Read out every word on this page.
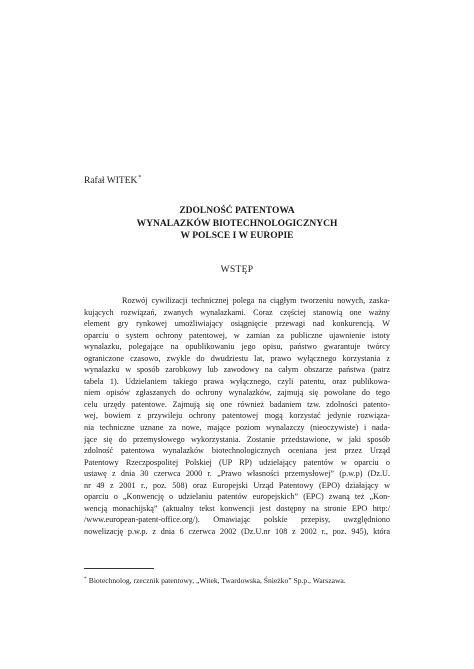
Rafał WITEK*
ZDOLNOŚĆ PATENTOWA
WYNALAZKÓW BIOTECHNOLOGICZNYCH
W POLSCE I W EUROPIE
WSTĘP
Rozwój cywilizacji technicznej polega na ciągłym tworzeniu nowych, zaska-
kujących rozwiązań, zwanych wynalazkami. Coraz częściej stanowią one ważny
element gry rynkowej umożliwiający osiągnięcie przewagi nad konkurencją. W
oparciu o system ochrony patentowej, w zamian za publiczne ujawnienie istoty
wynalazku, polegające na opublikowaniu jego opisu, państwo gwarantuje twórcy
ograniczone czasowo, zwykle do dwudziestu lat, prawo wyłącznego korzystania z
wynalazku w sposób zarobkowy lub zawodowy na całym obszarze państwa (patrz
tabela 1). Udzielaniem takiego prawa wyłącznego, czyli patentu, oraz publikowa-
niem opisów zgłaszanych do ochrony wynalazków, zajmują się powołane do tego
celu urzędy patentowe. Zajmują się one również badaniem tzw. zdolności patento-
wej, bowiem z przywileju ochrony patentowej mogą korzystać jedynie rozwiąza-
nia techniczne uznane za nowe, mające poziom wynalazczy (nieoczywiste) i nada-
jące się do przemysłowego wykorzystania. Zostanie przedstawione, w jaki sposób
zdolność patentowa wynalazków biotechnologicznych oceniana jest przez Urząd
Patentowy Rzeczpospolitej Polskiej (UP RP) udzielający patentów w oparciu o
ustawę z dnia 30 czerwca 2000 r. „Prawo własności przemysłowej” (p.w.p) (Dz.U.
nr 49 z 2001 r., poz. 508) oraz Europejski Urząd Patentowy (EPO) działający w
oparciu o „Konwencję o udzielaniu patentów europejskich” (EPC) zwaną też „Kon-
wencją monachijską” (aktualny tekst konwencji jest dostępny na stronie EPO http:/
/www.european-patent-office.org/). Omawiając polskie przepisy, uwzględniono
nowelizację p.w.p. z dnia 6 czerwca 2002 (Dz.U.nr 108 z 2002 r., poz. 945), która
* Biotechnolog, rzecznik patentowy, „Witek, Twardowska, Śnieżko” Sp.p., Warszawa.
